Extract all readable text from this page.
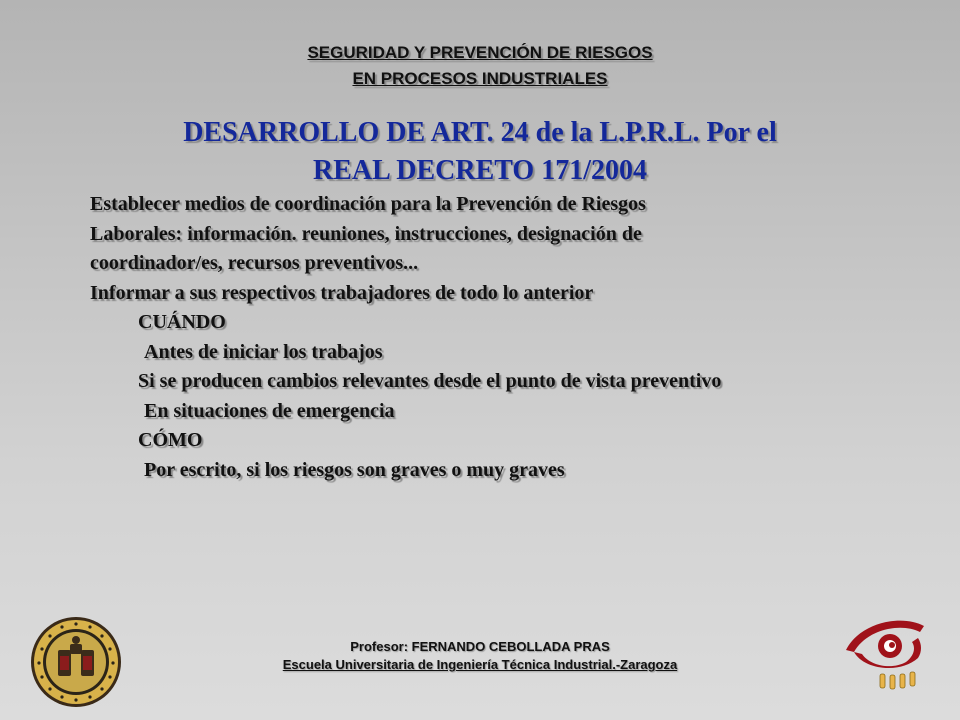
SEGURIDAD Y PREVENCIÓN DE RIESGOS
EN PROCESOS INDUSTRIALES
DESARROLLO DE ART. 24 de la L.P.R.L. Por el
REAL DECRETO 171/2004
Establecer medios de coordinación para la Prevención de Riesgos
Laborales: información. reuniones, instrucciones, designación de
coordinador/es, recursos preventivos...
Informar a sus respectivos trabajadores de todo lo anterior
CUÁNDO
Antes de iniciar los trabajos
Si se producen cambios relevantes desde el punto de vista preventivo
En situaciones de emergencia
CÓMO
Por escrito, si los riesgos son graves o muy graves
Profesor: FERNANDO CEBOLLADA PRAS
Escuela Universitaria de Ingeniería Técnica Industrial.-Zaragoza
